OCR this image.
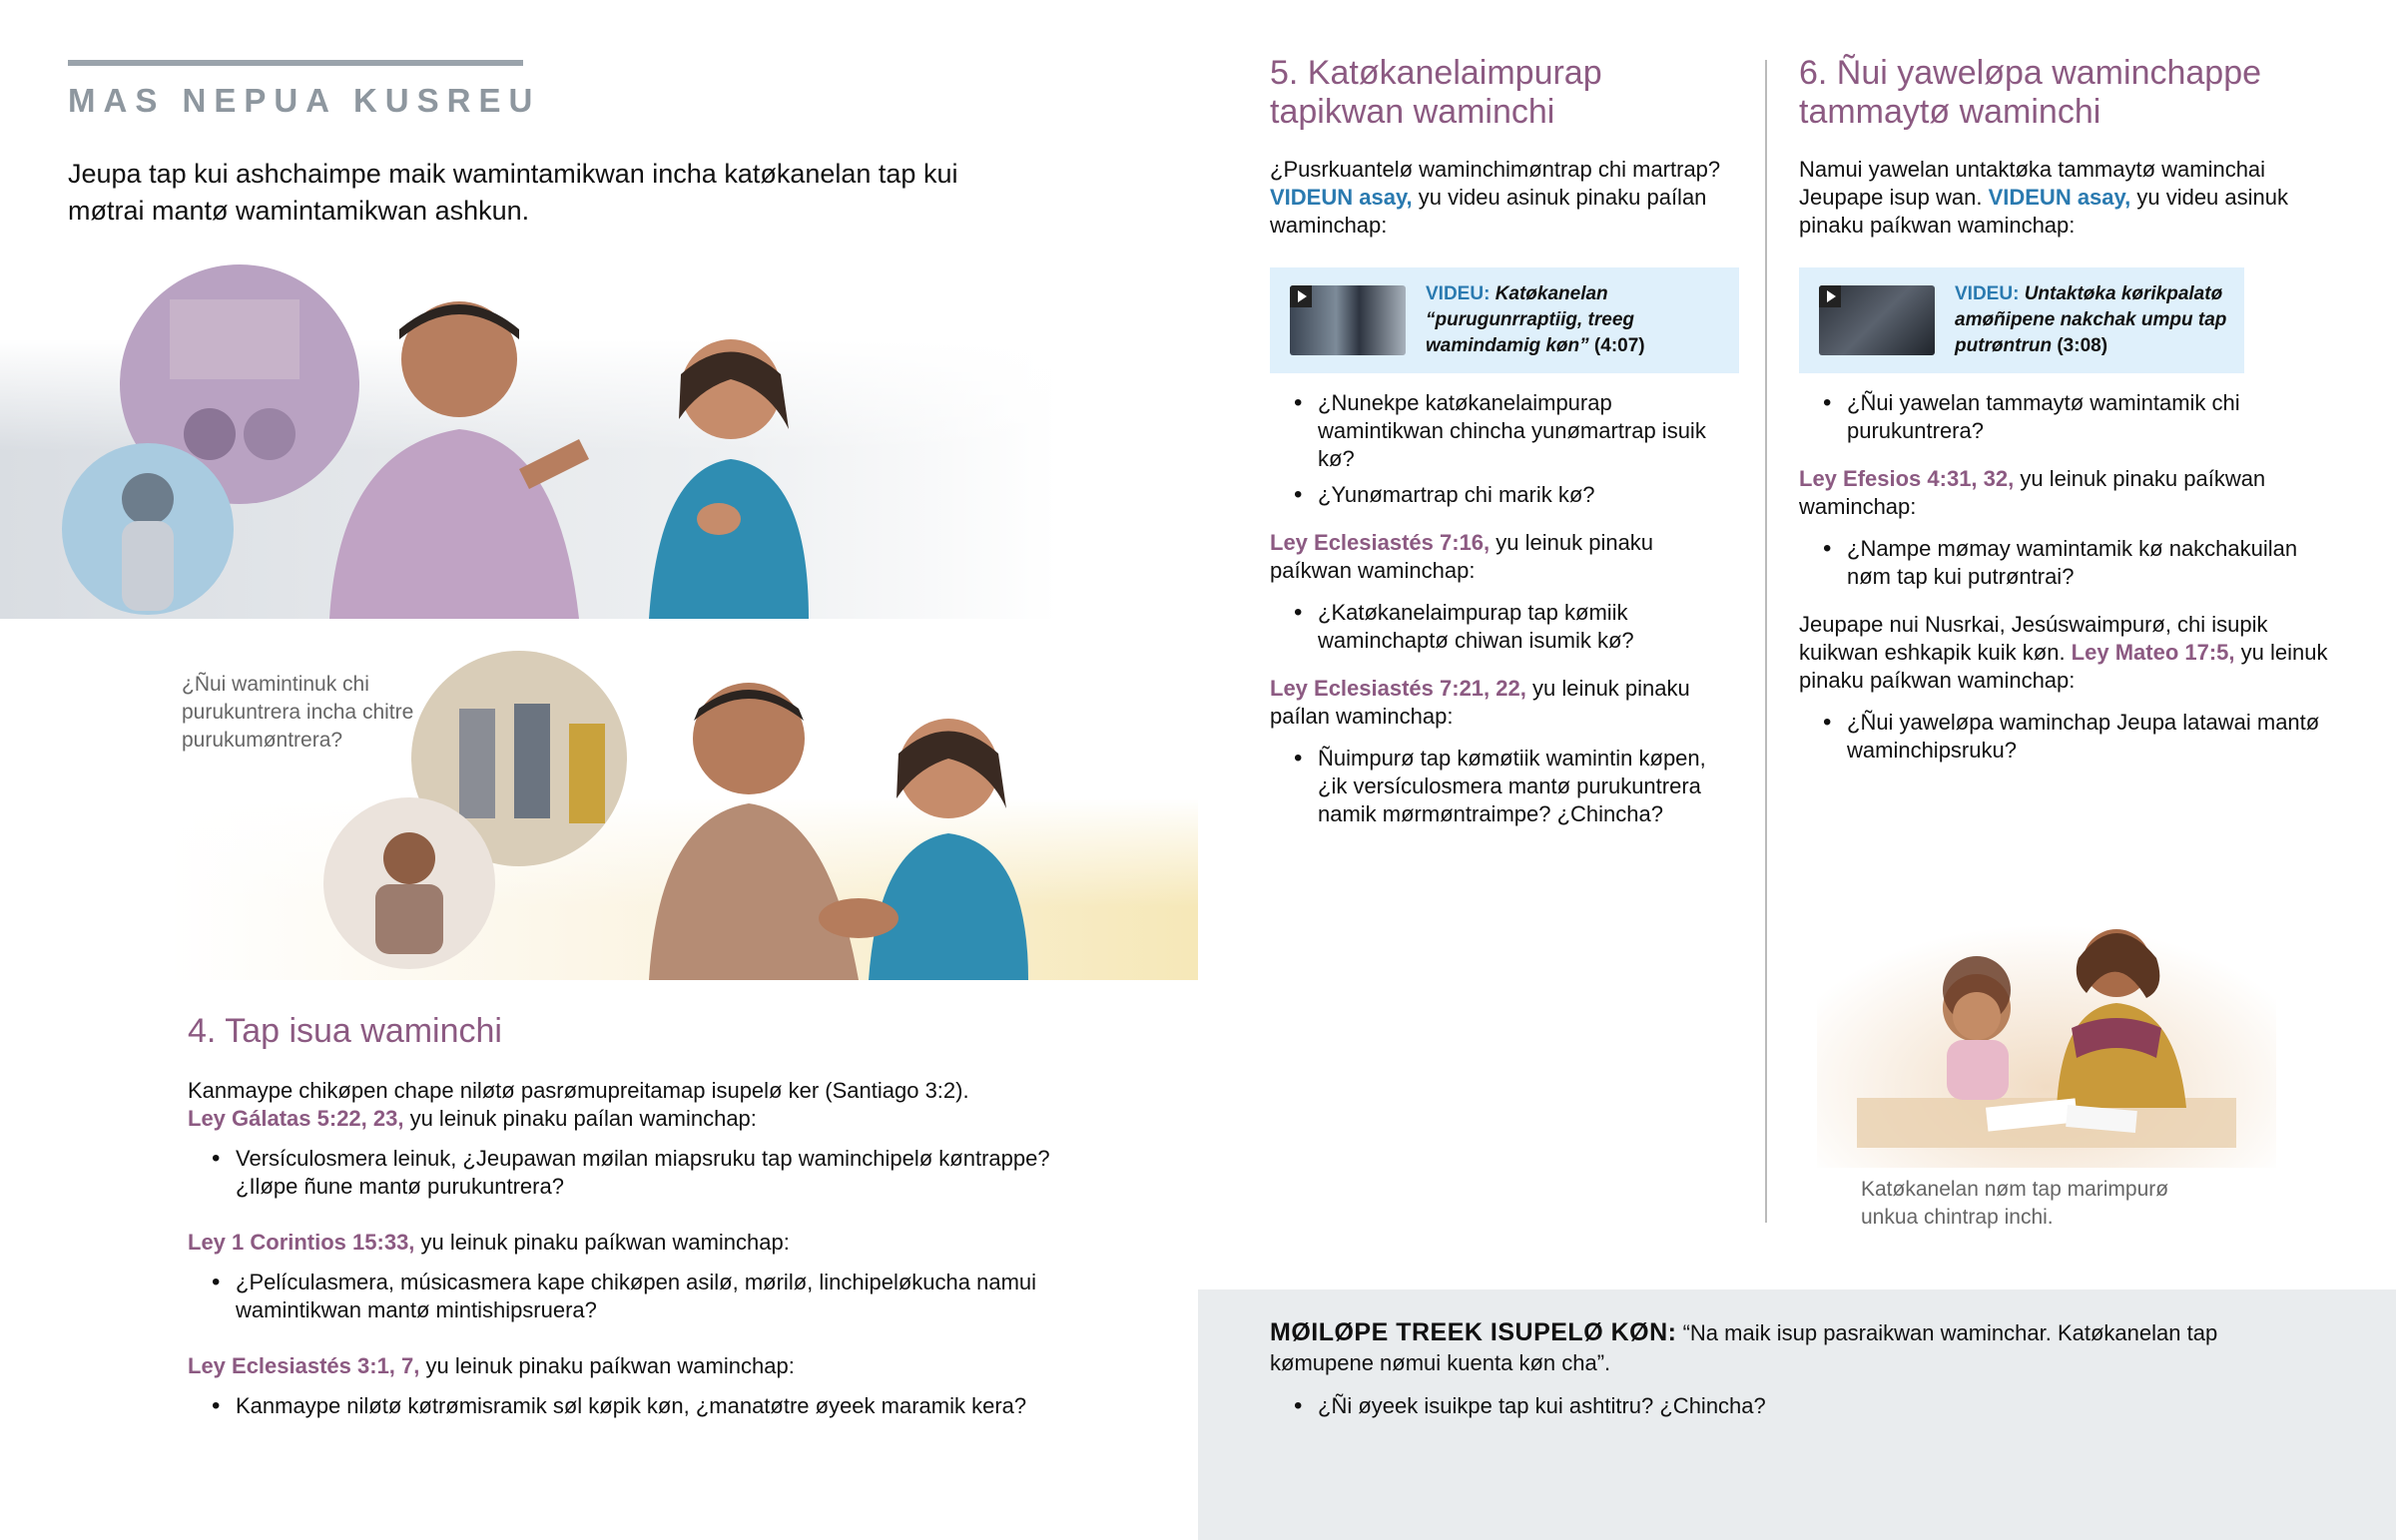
MAS NEPUA KUSREU
Jeupa tap kui ashchaimpe maik wamintamikwan incha katøkanelan tap kui møtrai mantø wamintamikwan ashkun.
¿Ñui wamintinuk chi purukuntrera incha chitre purukumøntrera?
4. Tap isua waminchi

Kanmaype chikøpen chape niløtø pasrømupreitamap isupelø ker (Santiago 3:2).
Ley Gálatas 5:22, 23, yu leinuk pinaku paílan waminchap:

• Versículosmera leinuk, ¿Jeupawan møilan miapsruku tap waminchipelø køntrappe? ¿Iløpe ñune mantø purukuntrera?

Ley 1 Corintios 15:33, yu leinuk pinaku paíkwan waminchap:

• ¿Películasmera, músicasmera kape chikøpen asilø, mørilø, linchipeløkucha namui wamintikwan mantø mintishipsruera?

Ley Eclesiastés 3:1, 7, yu leinuk pinaku paíkwan waminchap:

• Kanmaype niløtø køtrømisramik søl køpik køn, ¿manatøtre øyeek maramik kera?
5. Katøkanelaimpurap tapikwan waminchi

¿Pusrkuantelø waminchimøntrap chi martrap? VIDEUN asay, yu videu asinuk pinaku paílan waminchap:

VIDEU: Katøkanelan “purugunrraptiig, treeg wamindamig køn” (4:07)
• ¿Nunekpe katøkanelaimpurap wamintikwan chincha yunømartrap isuik kø?
• ¿Yunømartrap chi marik kø?

Ley Eclesiastés 7:16, yu leinuk pinaku paíkwan waminchap:

• ¿Katøkanelaimpurap tap kømiik waminchaptø chiwan isumik kø?

Ley Eclesiastés 7:21, 22, yu leinuk pinaku paílan waminchap:

• Ñuimpurø tap kømøtiik wamintin køpen, ¿ik versículosmera mantø purukuntrera namik mørmøntraimpe? ¿Chincha?
6. Ñui yaweløpa waminchappe tammaytø waminchi

Namui yawelan untaktøka tammaytø waminchai Jeupape isup wan. VIDEUN asay, yu videu asinuk pinaku paíkwan waminchap:

VIDEU: Untaktøka kørikpalatø amøñipene nakchak umpu tap putrøntrun (3:08)
• ¿Ñui yawelan tammaytø wamintamik chi purukuntrera?

Ley Efesios 4:31, 32, yu leinuk pinaku paíkwan waminchap:

• ¿Nampe mømay wamintamik kø nakchakuilan nøm tap kui putrøntrai?

Jeupape nui Nusrkai, Jesúswaimpurø, chi isupik kuikwan eshkapik kuik køn. Ley Mateo 17:5, yu leinuk pinaku paíkwan waminchap:

• ¿Ñui yaweløpa waminchap Jeupa latawai mantø waminchipsruku?
Katøkanelan nøm tap marimpurø unkua chintrap inchi.

MØILØPE TREEK ISUPELØ KØN: “Na maik isup pasraikwan waminchar. Katøkanelan tap kømupene nømui kuenta køn cha”.

• ¿Ñi øyeek isuikpe tap kui ashtitru? ¿Chincha?
